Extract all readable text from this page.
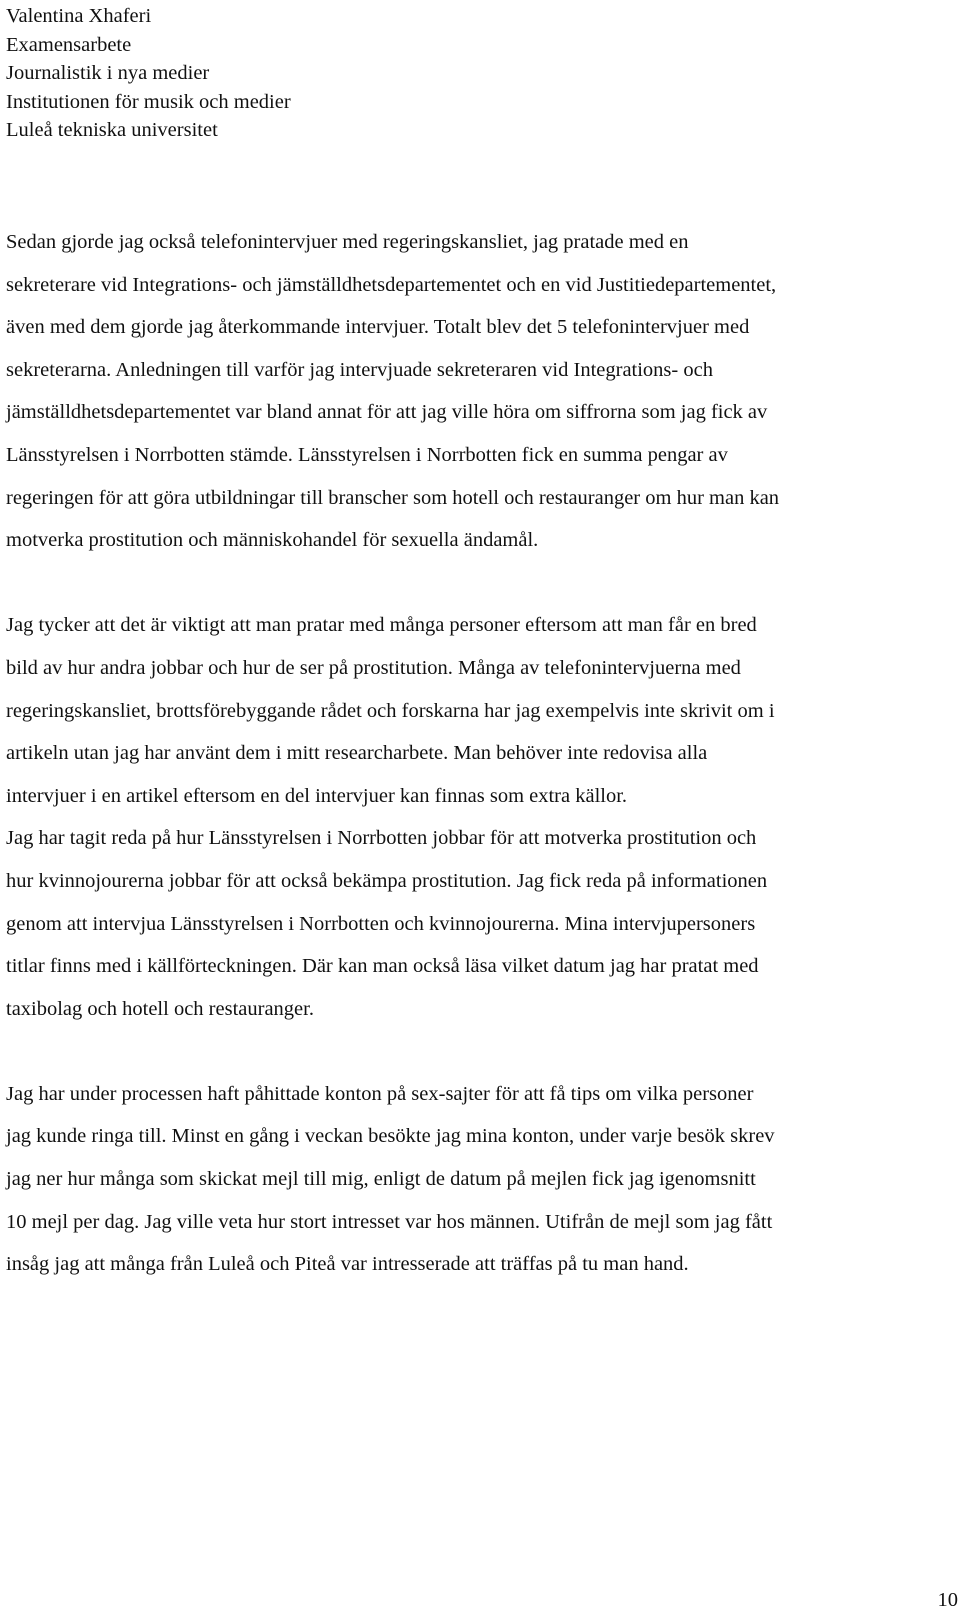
Valentina Xhaferi
Examensarbete
Journalistik i nya medier
Institutionen för musik och medier
Luleå tekniska universitet

Sedan gjorde jag också telefonintervjuer med regeringskansliet, jag pratade med en
sekreterare vid Integrations- och jämställdhetsdepartementet och en vid Justitiedepartementet,
även med dem gjorde jag återkommande intervjuer. Totalt blev det 5 telefonintervjuer med
sekreterarna. Anledningen till varför jag intervjuade sekreteraren vid Integrations- och
jämställdhetsdepartementet var bland annat för att jag ville höra om siffrorna som jag fick av
Länsstyrelsen i Norrbotten stämde. Länsstyrelsen i Norrbotten fick en summa pengar av
regeringen för att göra utbildningar till branscher som hotell och restauranger om hur man kan
motverka prostitution och människohandel för sexuella ändamål.

Jag tycker att det är viktigt att man pratar med många personer eftersom att man får en bred
bild av hur andra jobbar och hur de ser på prostitution. Många av telefonintervjuerna med
regeringskansliet, brottsförebyggande rådet och forskarna har jag exempelvis inte skrivit om i
artikeln utan jag har använt dem i mitt researcharbete. Man behöver inte redovisa alla
intervjuer i en artikel eftersom en del intervjuer kan finnas som extra källor.

Jag har tagit reda på hur Länsstyrelsen i Norrbotten jobbar för att motverka prostitution och
hur kvinnojourerna jobbar för att också bekämpa prostitution. Jag fick reda på informationen
genom att intervjua Länsstyrelsen i Norrbotten och kvinnojourerna. Mina intervjupersoners
titlar finns med i källförteckningen. Där kan man också läsa vilket datum jag har pratat med
taxibolag och hotell och restauranger.

Jag har under processen haft påhittade konton på sex-sajter för att få tips om vilka personer
jag kunde ringa till. Minst en gång i veckan besökte jag mina konton, under varje besök skrev
jag ner hur många som skickat mejl till mig, enligt de datum på mejlen fick jag igenomsnitt
10 mejl per dag. Jag ville veta hur stort intresset var hos männen. Utifrån de mejl som jag fått
insåg jag att många från Luleå och Piteå var intresserade att träffas på tu man hand.

10
